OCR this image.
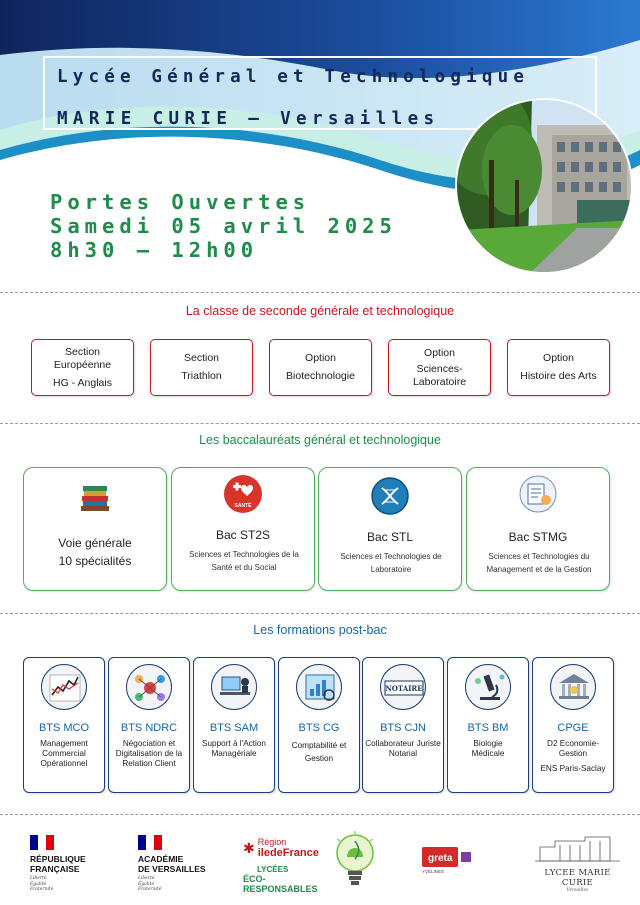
Lycée Général et Technologique
MARIE CURIE – Versailles
Portes Ouvertes
Samedi 05 avril 2025
8h30 – 12h00
La classe de seconde générale et technologique
Section Européenne
HG - Anglais
Section
Triathlon
Option
Biotechnologie
Option
Sciences-Laboratoire
Option
Histoire des Arts
Les baccalauréats général et technologique
Voie générale
10 spécialités
SANTÉ
Bac ST2S
Sciences et Technologies de la Santé et du Social
Bac STL
Sciences et Technologies de Laboratoire
Bac STMG
Sciences et Technologies du Management et de la Gestion
Les formations post-bac
BTS MCO
Management Commercial Opérationnel
BTS NDRC
Négociation et Digitalisation de la Relation Client
BTS SAM
Support à l'Action Managériale
BTS CG
Comptabilité et Gestion
NOTAIRE
BTS CJN
Collaborateur Juriste Notarial
BTS BM
Biologie Médicale
CPGE
D2 Economie-Gestion
ENS Paris-Saclay
RÉPUBLIQUE
FRANÇAISE
Liberté
Égalité
Fraternité
ACADÉMIE
DE VERSAILLES
Liberté
Égalité
Fraternité
✱ Région
iledeFrance
LYCÉES
ÉCO-RESPONSABLES
greta
YVELINES	LYCEE MARIE CURIE
Versailles
